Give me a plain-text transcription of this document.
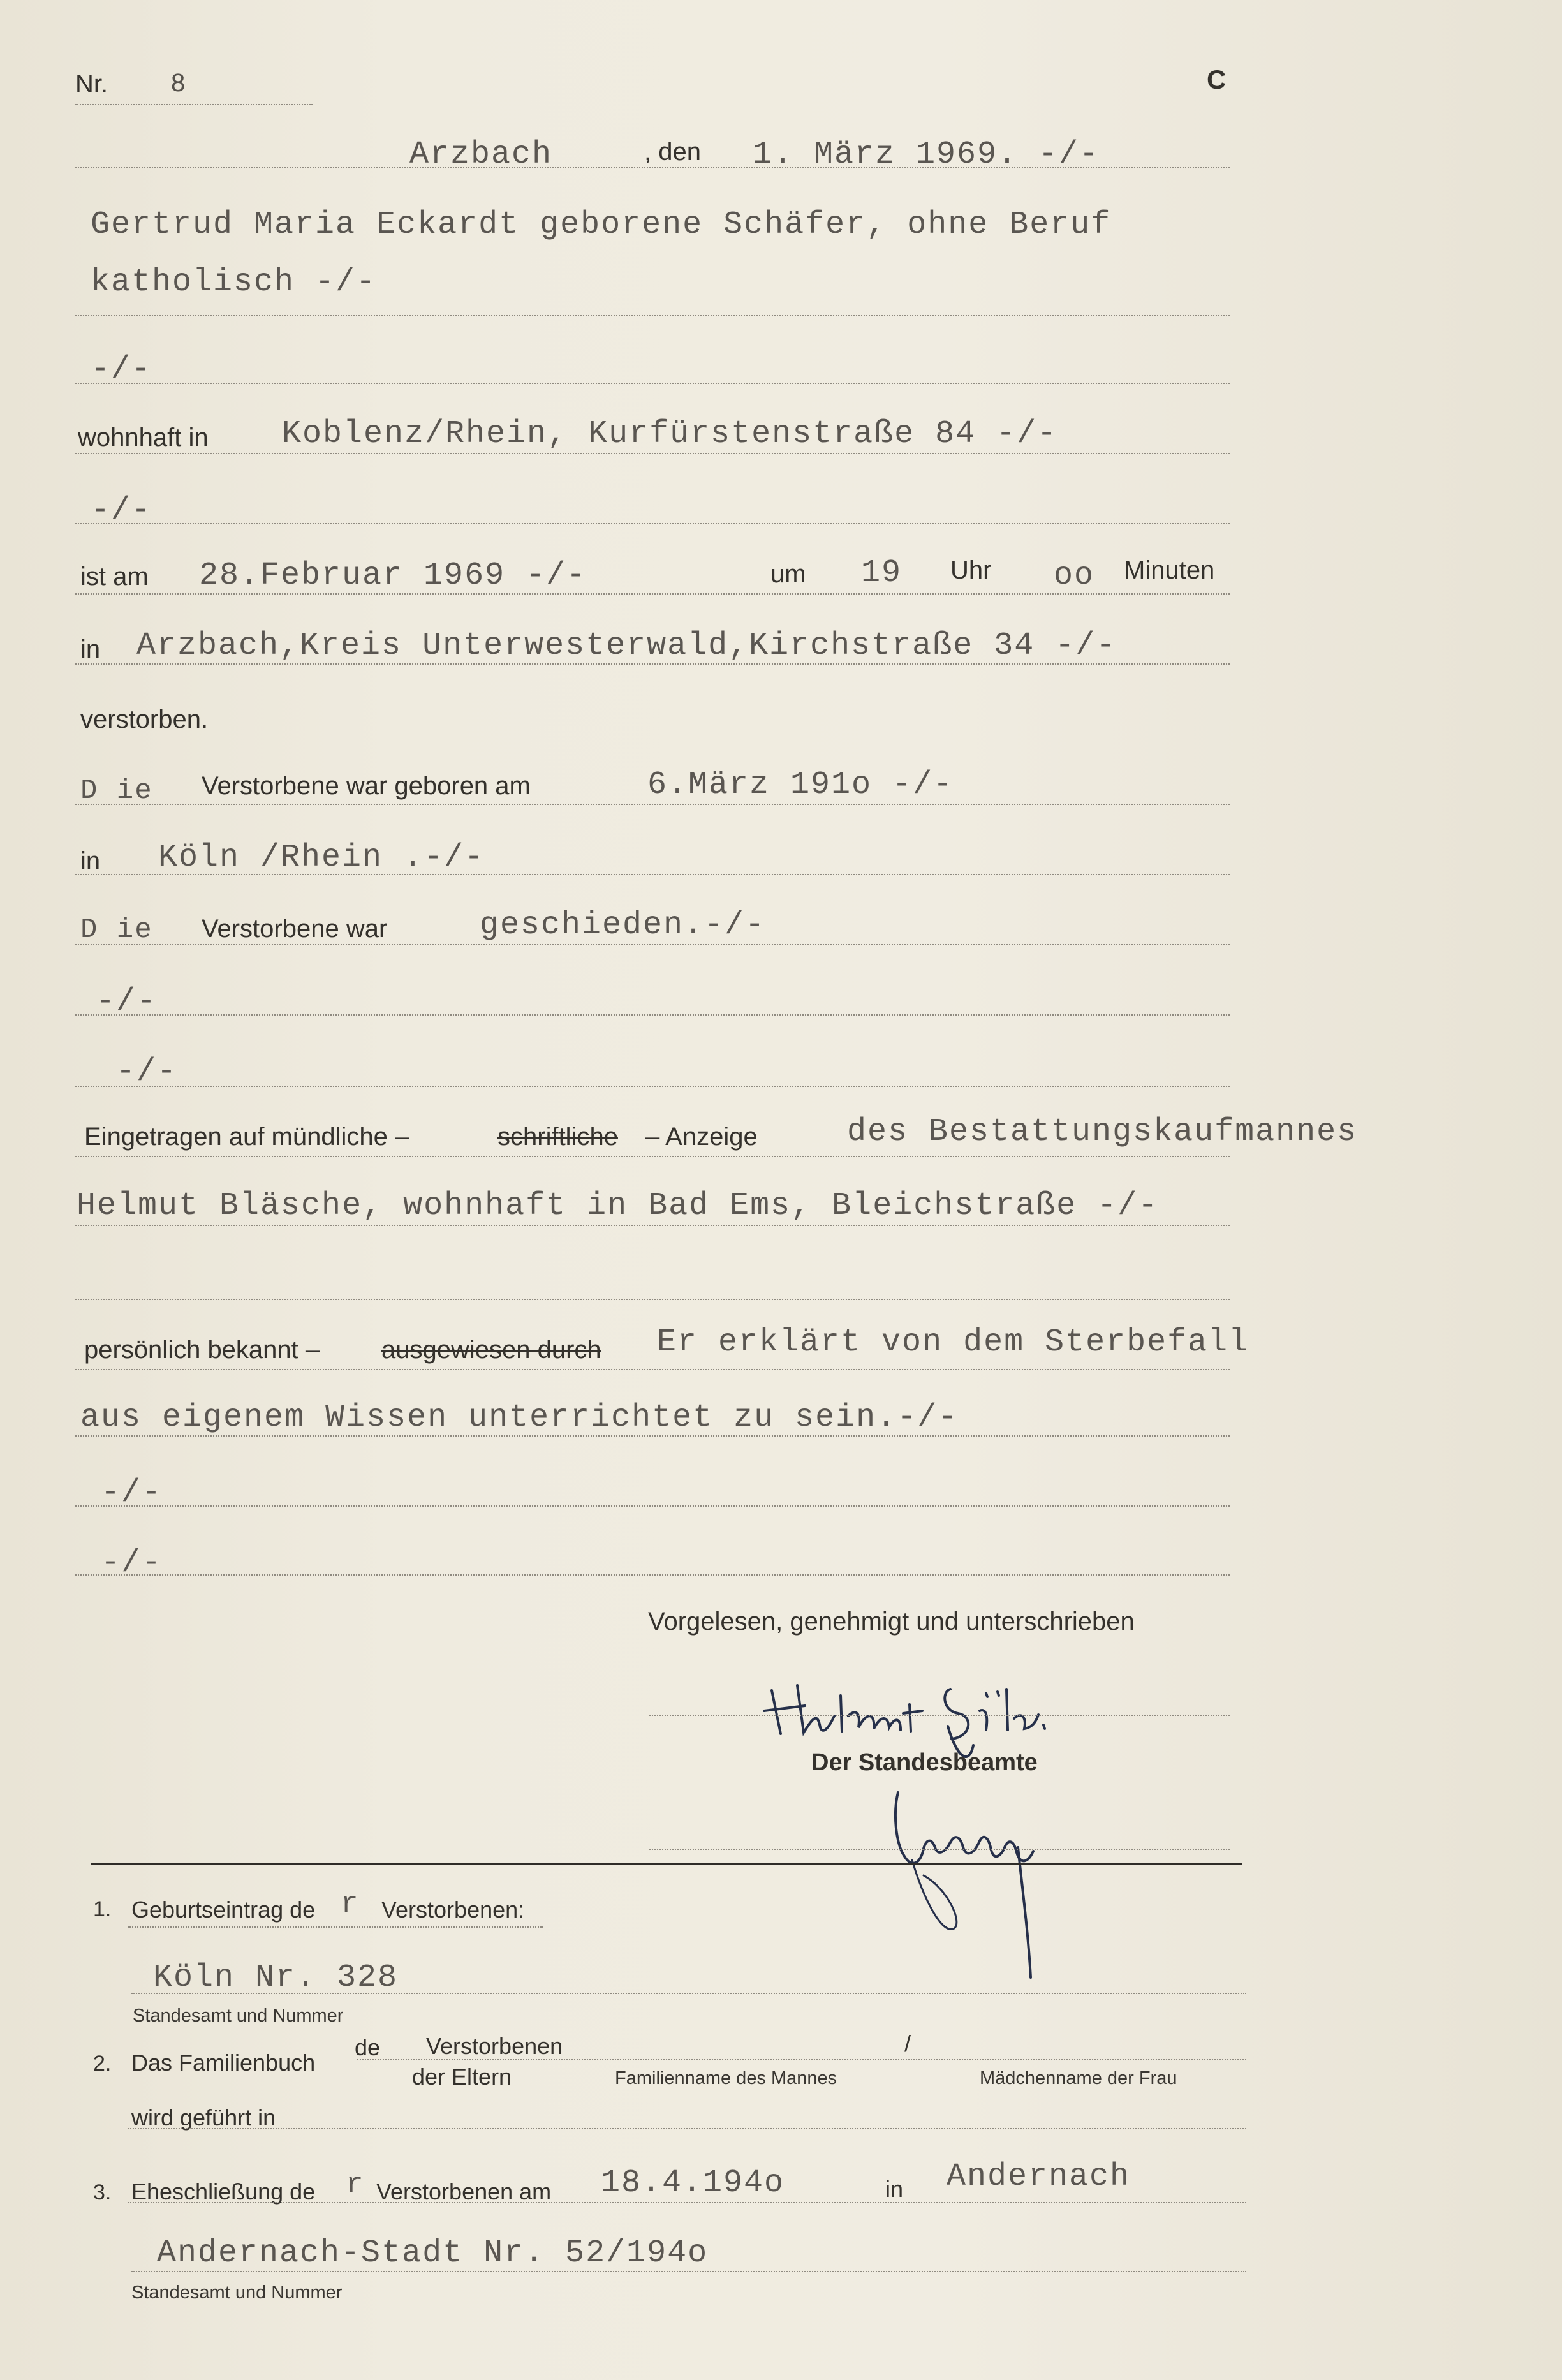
Nr. 8	C
Arzbach	, den 1. März 1969. -/-
Gertrud Maria Eckardt geborene Schäfer, ohne Beruf
katholisch -/-
-/-
wohnhaft in Koblenz/Rhein, Kurfürstenstraße 84 -/-
-/-
ist am 28.Februar 1969 -/-	um 19 Uhr oo Minuten
in Arzbach,Kreis Unterwesterwald,Kirchstraße 34 -/-
verstorben.
D ie Verstorbene war geboren am	6.März 191o -/-
in Köln /Rhein .-/-
D ie Verstorbene war	geschieden.-/-
-/-
-/-
Eingetragen auf mündliche –	schriftliche – Anzeige	des Bestattungskaufmannes
Helmut Bläsche, wohnhaft in Bad Ems, Bleichstraße -/-
persönlich bekannt – ausgewiesen durch Er erklärt von dem Sterbefall
aus eigenem Wissen unterrichtet zu sein.-/-
-/-
-/-
Vorgelesen, genehmigt und unterschrieben
Der Standesbeamte
1. Geburtseintrag de r Verstorbenen:
Köln Nr. 328
Standesamt und Nummer
2. Das Familienbuch
de Verstorbenen
der Eltern
/
Familienname des Mannes	Mädchenname der Frau
wird geführt in
3. Eheschließung de r Verstorbenen am 18.4.194o	in Andernach
Andernach-Stadt Nr. 52/194o
Standesamt und Nummer
